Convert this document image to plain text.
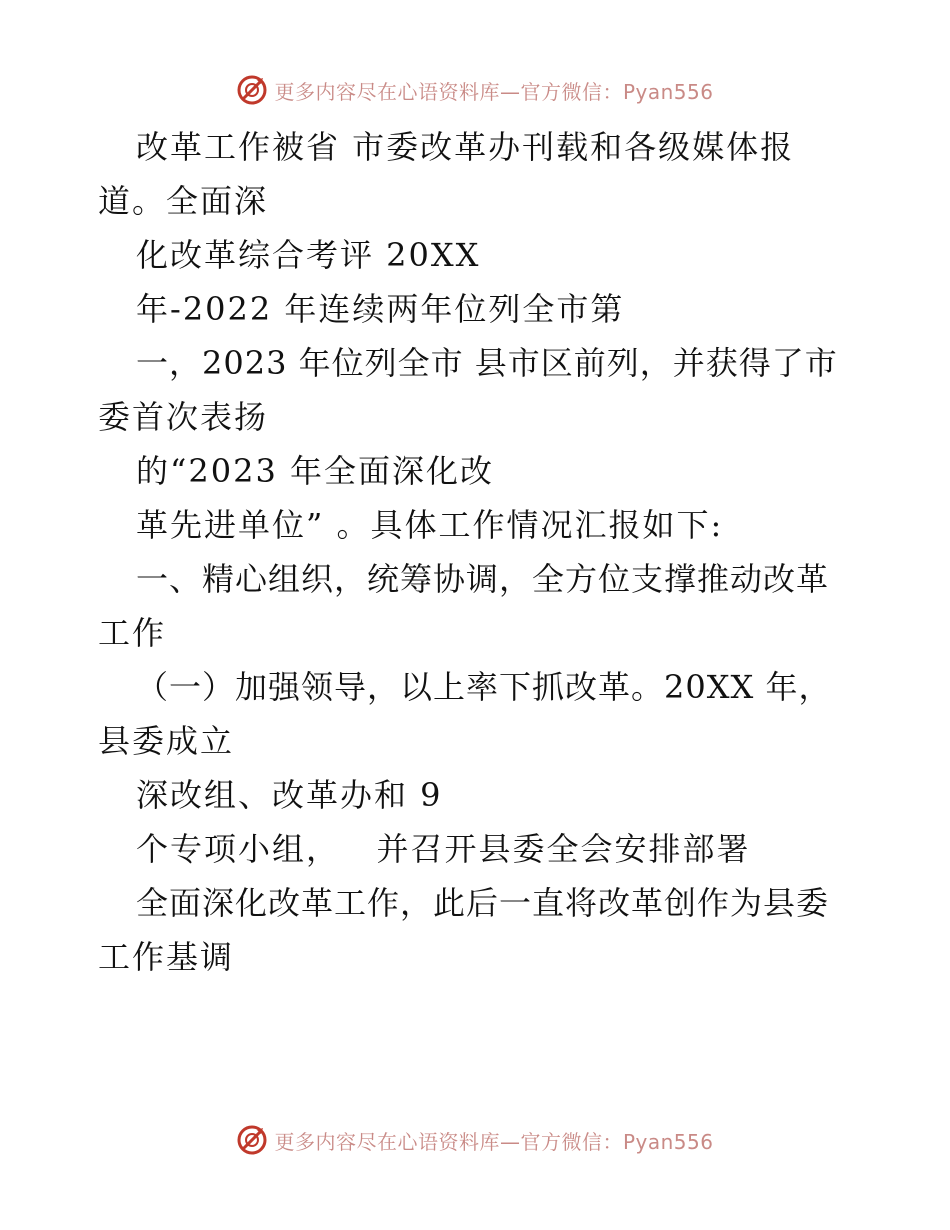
更多内容尽在心语资料库—官方微信：Pyan556
改革工作被省 市委改革办刊载和各级媒体报
道。全面深
化改革综合考评 20XX
年-2022 年连续两年位列全市第
一，2023 年位列全市 县市区前列，并获得了市
委首次表扬
的“2023 年全面深化改
革先进单位” 。具体工作情况汇报如下:
一、精心组织，统筹协调，全方位支撑推动改革
工作
（一）加强领导，以上率下抓改革。20XX 年，
县委成立
深改组、改革办和 9
个专项小组，   并召开县委全会安排部署
全面深化改革工作，此后一直将改革创作为县委
工作基调
更多内容尽在心语资料库—官方微信：Pyan556
